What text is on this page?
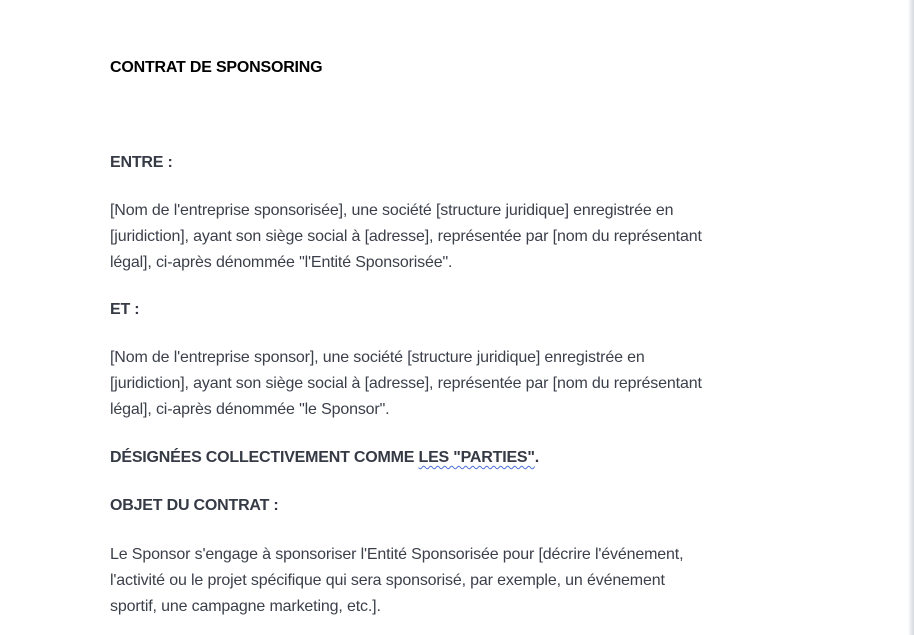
CONTRAT DE SPONSORING
ENTRE :

[Nom de l'entreprise sponsorisée], une société [structure juridique] enregistrée en
[juridiction], ayant son siège social à [adresse], représentée par [nom du représentant
légal], ci-après dénommée "l'Entité Sponsorisée".

ET :

[Nom de l'entreprise sponsor], une société [structure juridique] enregistrée en
[juridiction], ayant son siège social à [adresse], représentée par [nom du représentant
légal], ci-après dénommée "le Sponsor".

DÉSIGNÉES COLLECTIVEMENT COMME LES "PARTIES".
OBJET DU CONTRAT :

Le Sponsor s'engage à sponsoriser l'Entité Sponsorisée pour [décrire l'événement,
l'activité ou le projet spécifique qui sera sponsorisé, par exemple, un événement
sportif, une campagne marketing, etc.].
